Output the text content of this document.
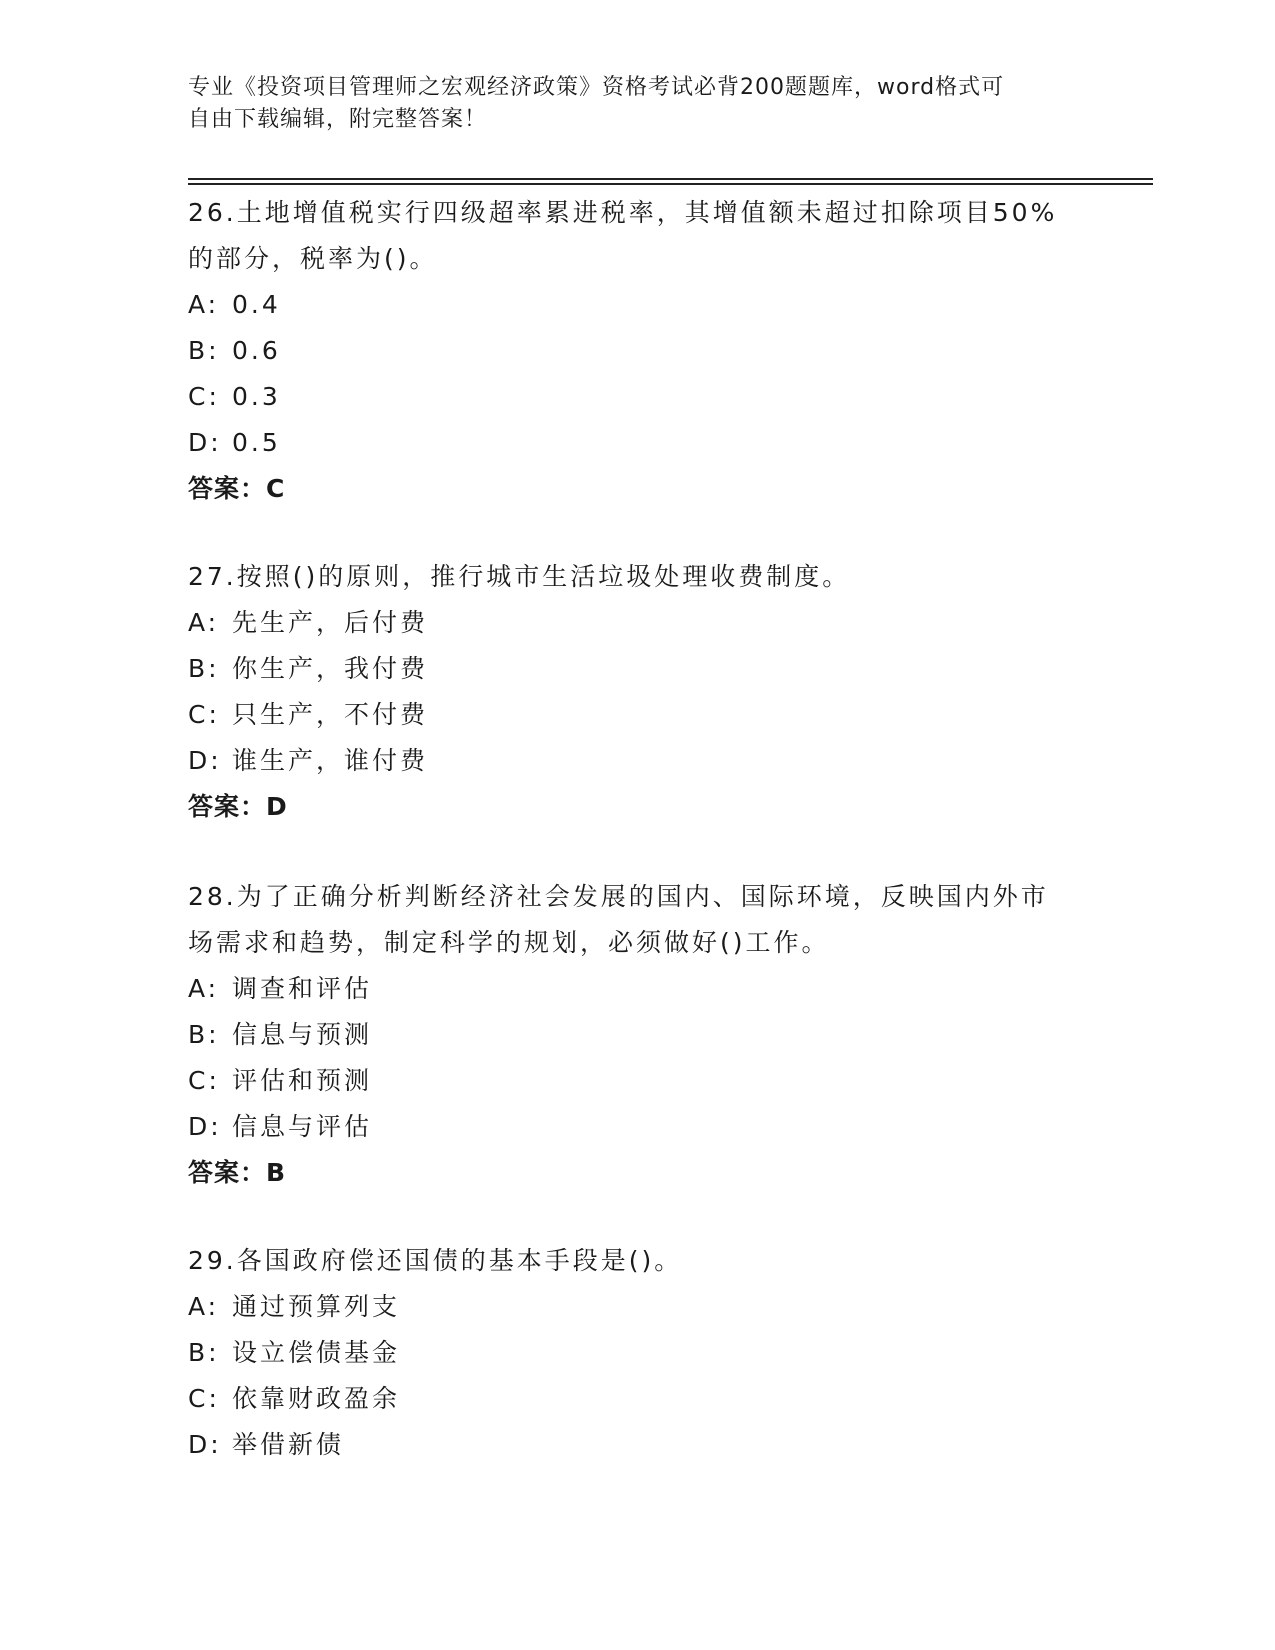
专业《投资项目管理师之宏观经济政策》资格考试必背200题题库，word格式可
自由下载编辑，附完整答案！
26.土地增值税实行四级超率累进税率，其增值额未超过扣除项目50%
的部分，税率为()。
A: 0.4
B: 0.6
C: 0.3
D: 0.5
答案：C
27.按照()的原则，推行城市生活垃圾处理收费制度。
A: 先生产，后付费
B: 你生产，我付费
C: 只生产，不付费
D: 谁生产，谁付费
答案：D
28.为了正确分析判断经济社会发展的国内、国际环境，反映国内外市
场需求和趋势，制定科学的规划，必须做好()工作。
A: 调查和评估
B: 信息与预测
C: 评估和预测
D: 信息与评估
答案：B
29.各国政府偿还国债的基本手段是()。
A: 通过预算列支
B: 设立偿债基金
C: 依靠财政盈余
D: 举借新债
